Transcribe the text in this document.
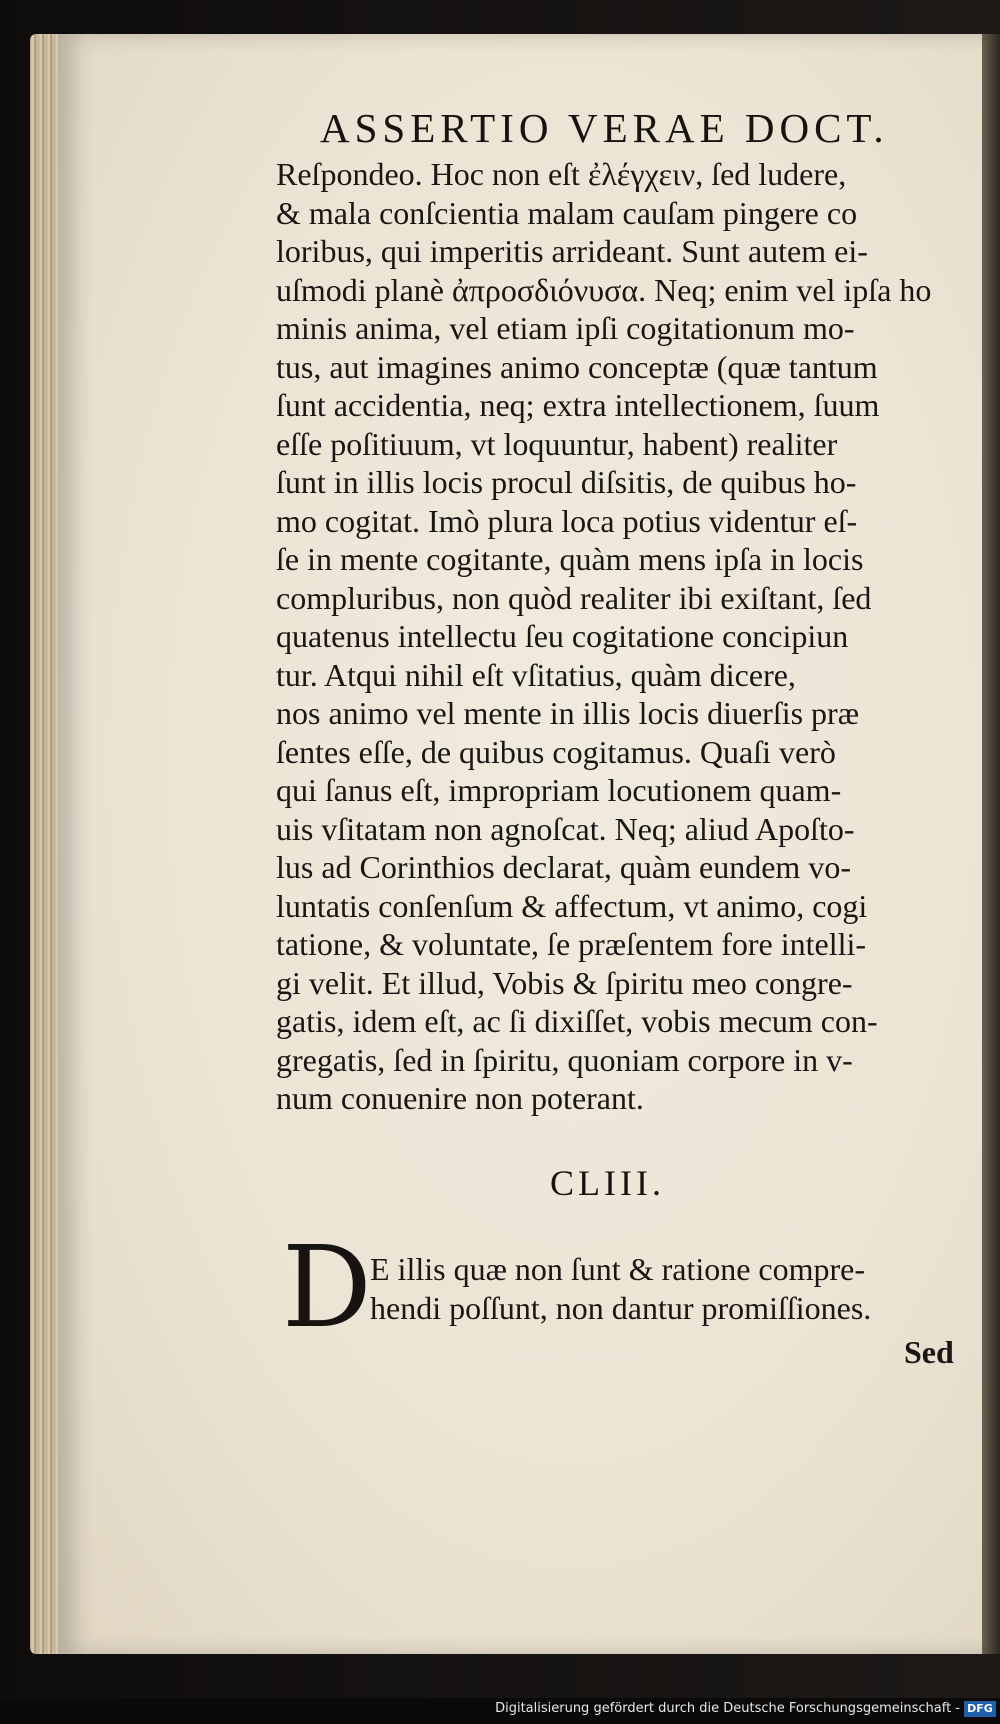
ASSERTIO VERAE DOCT.
Reſpondeo. Hoc non eſt ἐλέγχειν, ſed ludere,
& mala conſcientia malam cauſam pingere co
loribus, qui imperitis arrideant. Sunt autem ei-
uſmodi planè ἀπροσδιόνυσα. Neq; enim vel ipſa ho
minis anima, vel etiam ipſi cogitationum mo-
tus, aut imagines animo conceptæ (quæ tantum
ſunt accidentia, neq; extra intellectionem, ſuum
eſſe poſitiuum, vt loquuntur, habent) realiter
ſunt in illis locis procul diſsitis, de quibus ho-
mo cogitat. Imò plura loca potius videntur eſ-
ſe in mente cogitante, quàm mens ipſa in locis
compluribus, non quòd realiter ibi exiſtant, ſed
quatenus intellectu ſeu cogitatione concipiun
tur. Atqui nihil eſt vſitatius, quàm dicere,
nos animo vel mente in illis locis diuerſis præ
ſentes eſſe, de quibus cogitamus. Quaſi verò
qui ſanus eſt, impropriam locutionem quam-
uis vſitatam non agnoſcat. Neq; aliud Apoſto-
lus ad Corinthios declarat, quàm eundem vo-
luntatis conſenſum & affectum, vt animo, cogi
tatione, & voluntate, ſe præſentem fore intelli-
gi velit. Et illud, Vobis & ſpiritu meo congre-
gatis, idem eſt, ac ſi dixiſſet, vobis mecum con-
gregatis, ſed in ſpiritu, quoniam corpore in v-
num conuenire non poterant.
CLIII.
D
E illis quæ non ſunt & ratione compre-
hendi poſſunt, non dantur promiſſiones.
Sed
Digitalisierung gefördert durch die Deutsche Forschungsgemeinschaft - DFG
